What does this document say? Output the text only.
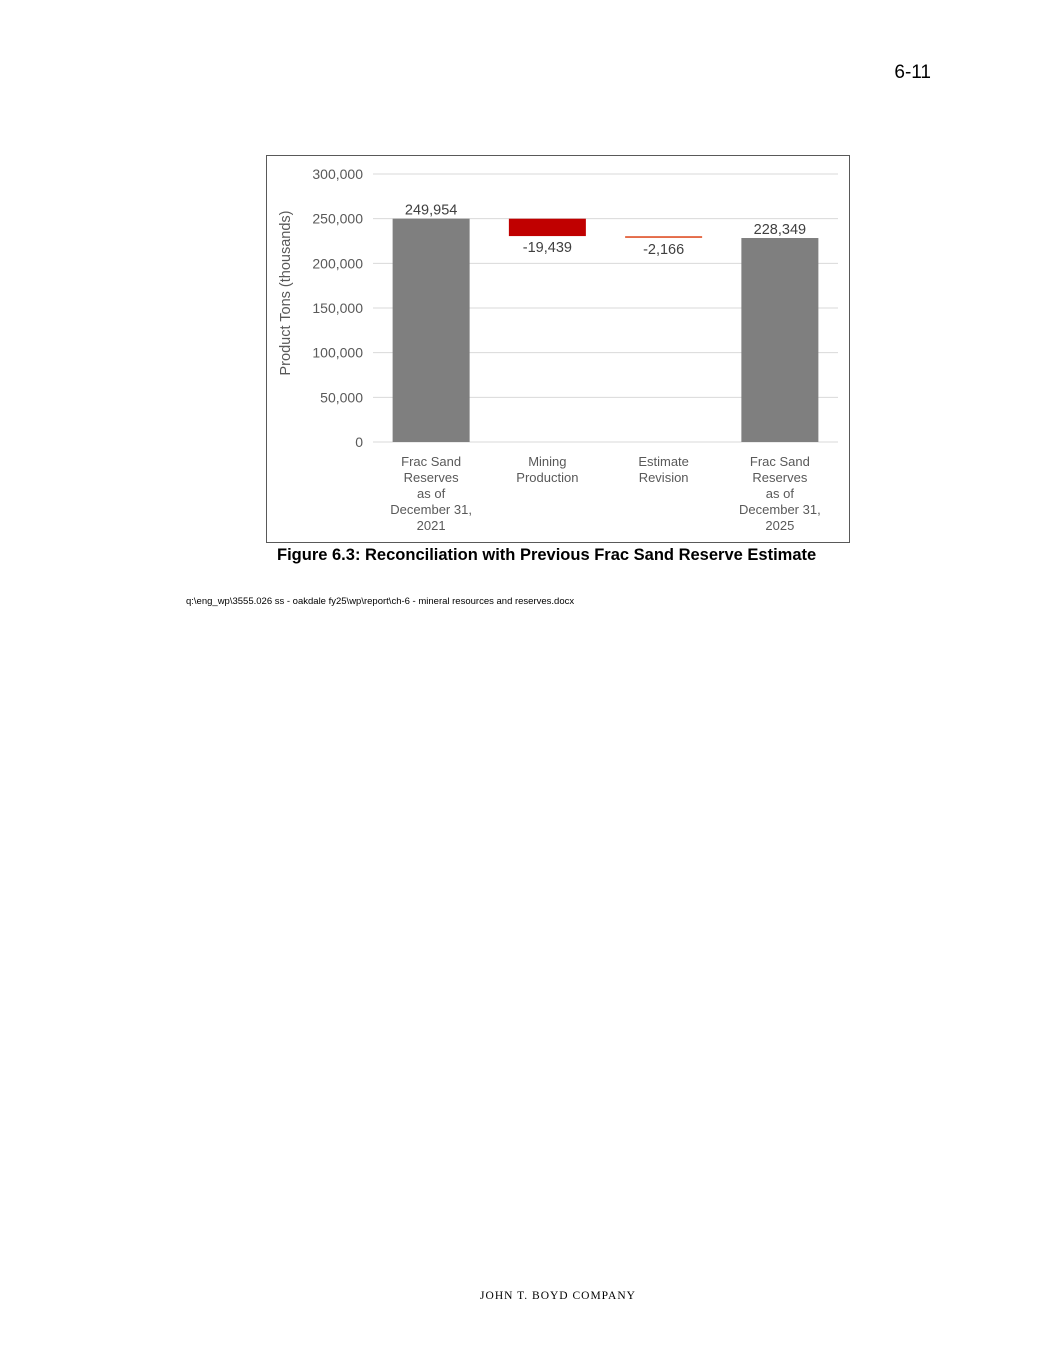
6-11
249,954
-19,439	-2,166
228,349
0
50,000
100,000
150,000
200,000
250,000
300,000
Frac Sand Reserves as of December 31, 2021
Mining Production
Estimate Revision
Frac Sand Reserves as of December 31, 2025
Product Tons (thousands)
Figure 6.3: Reconciliation with Previous Frac Sand Reserve Estimate
q:\eng_wp\3555.026 ss - oakdale fy25\wp\report\ch-6 - mineral resources and reserves.docx
JOHN T. BOYD COMPANY
